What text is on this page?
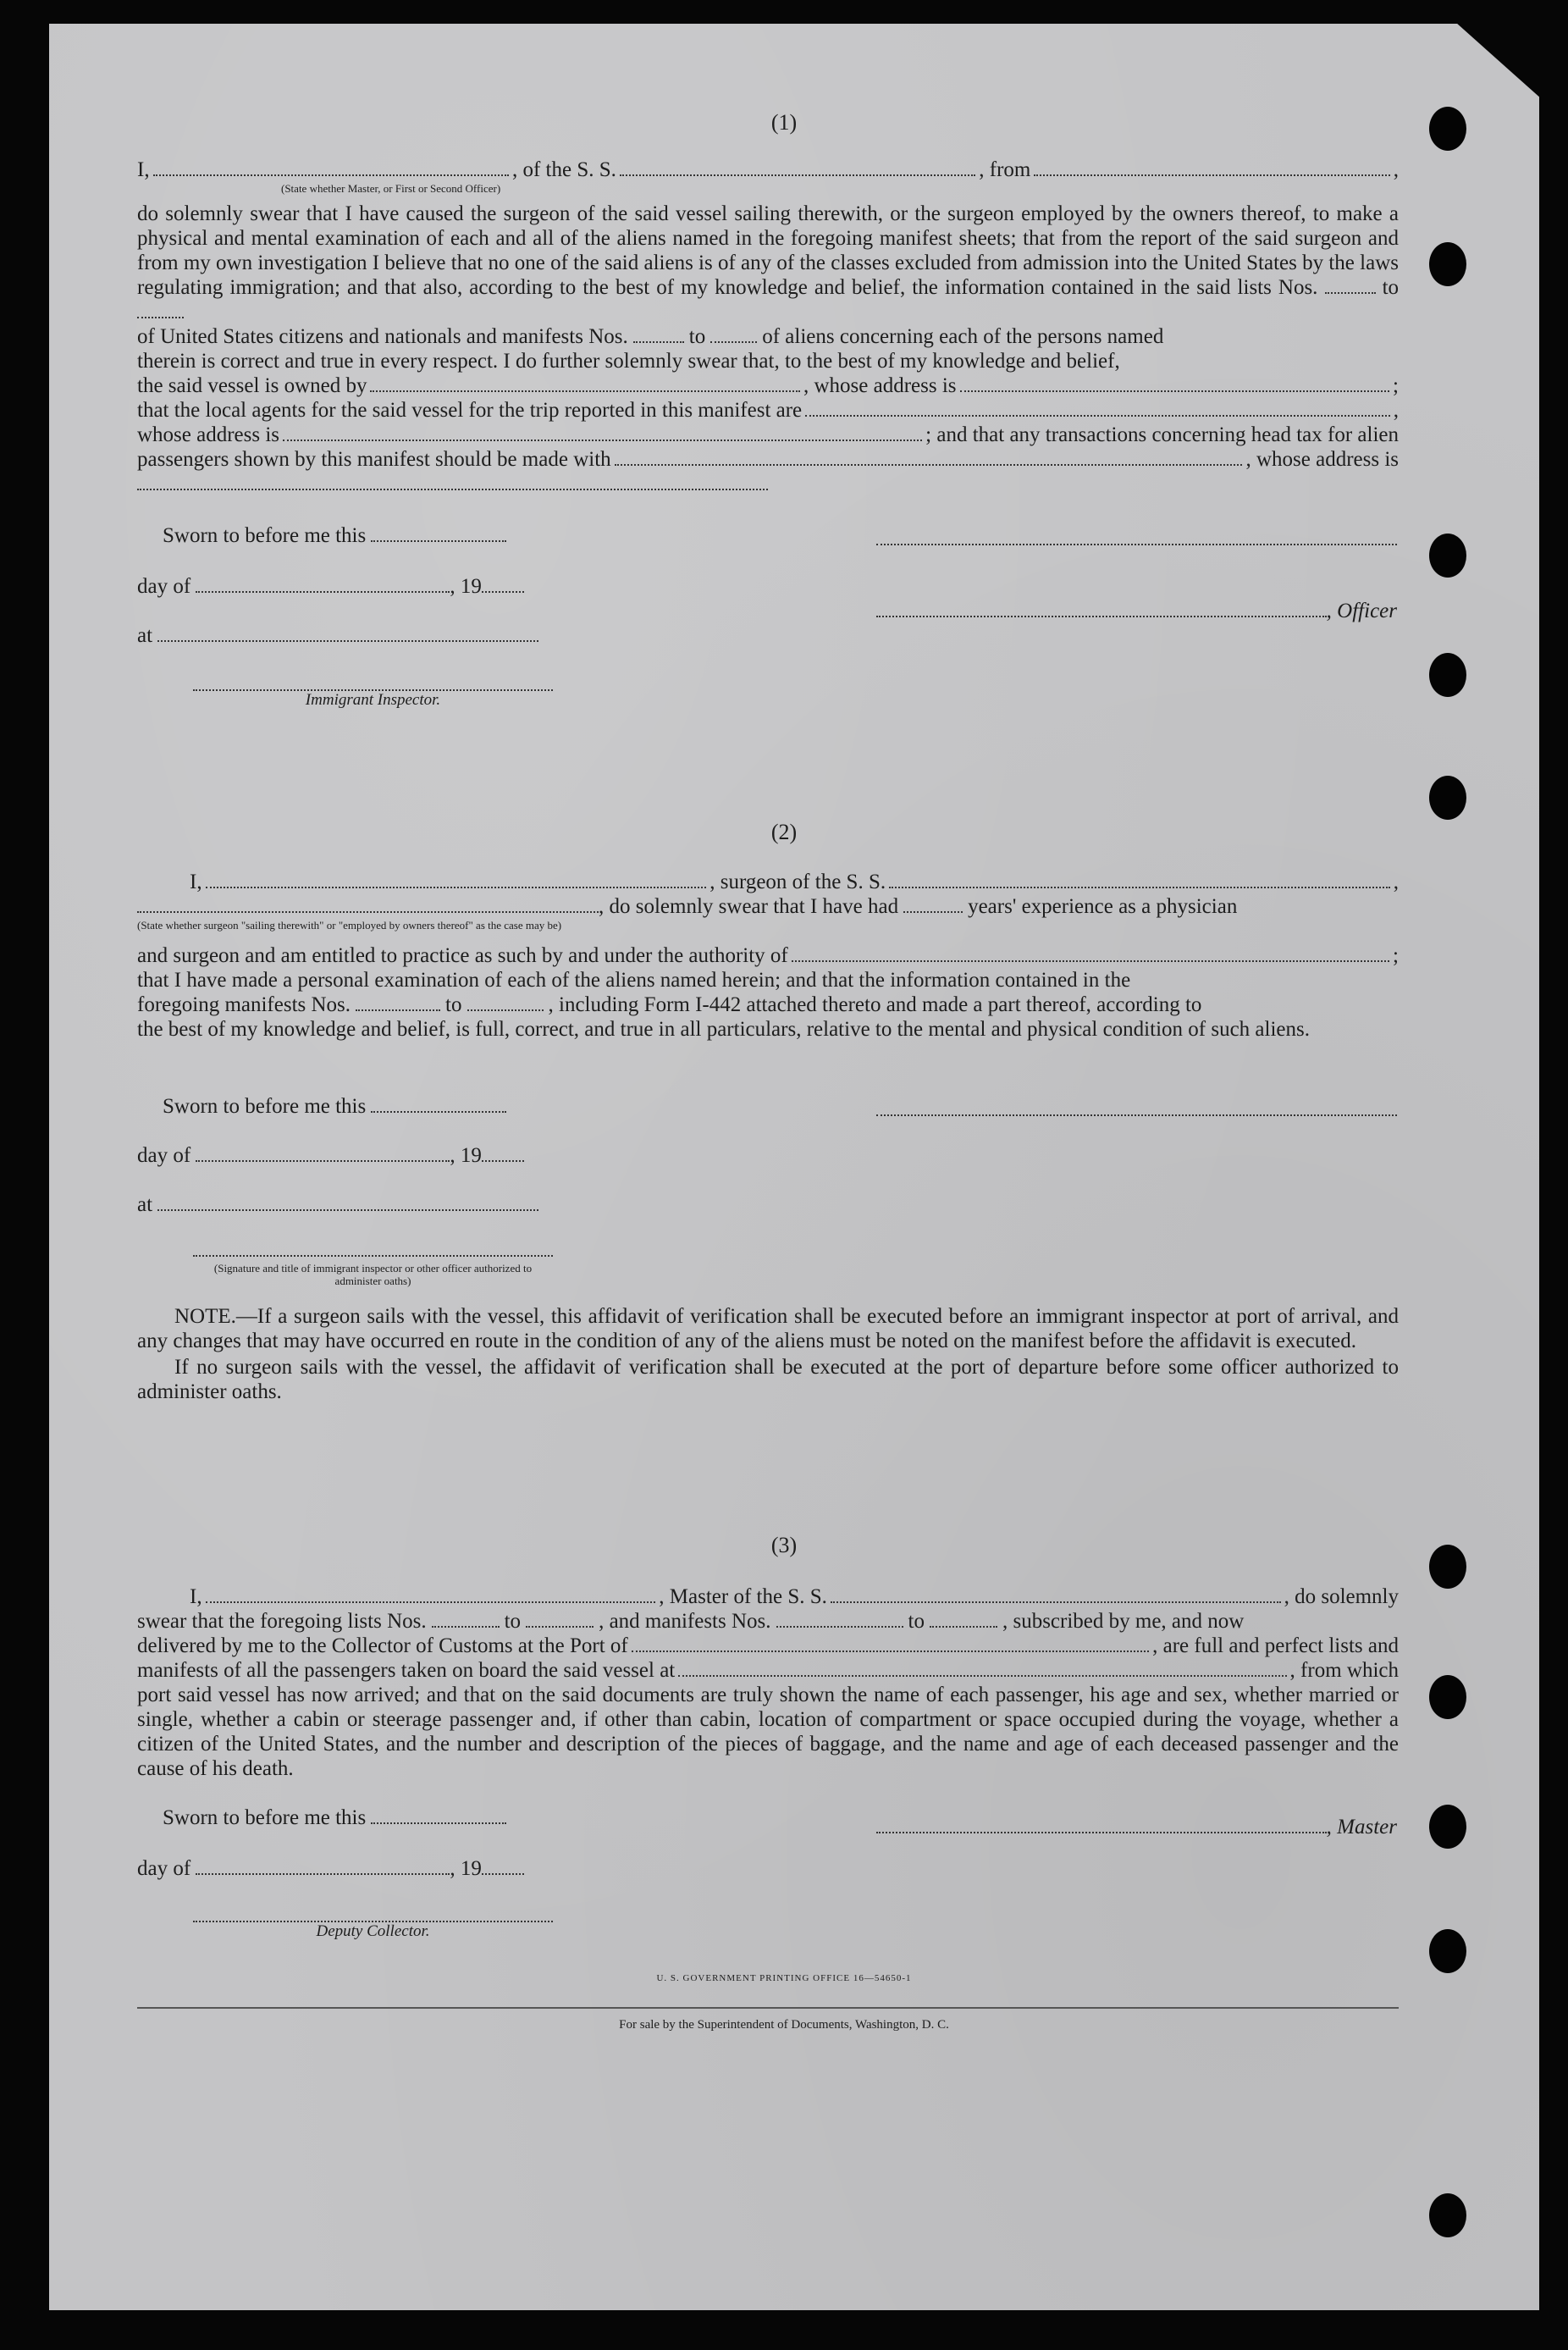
(1)
I,	, of the S. S.	, from	,
(State whether Master, or First or Second Officer)

do solemnly swear that I have caused the surgeon of the said vessel sailing therewith, or the surgeon employed by the owners thereof, to make a physical and mental examination of each and all of the aliens named in the foregoing manifest sheets; that from the report of the said surgeon and from my own investigation I believe that no one of the said aliens is of any of the classes excluded from admission into the United States by the laws regulating immigration; and that also, according to the best of my knowledge and belief, the information contained in the said lists Nos.	to

of United States citizens and nationals and manifests Nos.	to	of aliens concerning each of the persons named
therein is correct and true in every respect. I do further solemnly swear that, to the best of my knowledge and belief,
the said vessel is owned by	, whose address is	;
that the local agents for the said vessel for the trip reported in this manifest are	,
whose address is	; and that any transactions concerning head tax for alien
passengers shown by this manifest should be made with	, whose address is
Sworn to before me this
day of	, 19
at
Immigrant Inspector.
, Officer
(2)
I,	, surgeon of the S. S.	,
, do solemnly swear that I have had	years' experience as a physician
(State whether surgeon "sailing therewith" or "employed by owners thereof" as the case may be)
and surgeon and am entitled to practice as such by and under the authority of	;
that I have made a personal examination of each of the aliens named herein; and that the information contained in the
foregoing manifests Nos.	to	, including Form I-442 attached thereto and made a part thereof, according to

the best of my knowledge and belief, is full, correct, and true in all particulars, relative to the mental and physical condition of such aliens.

Sworn to before me this
day of	, 19
at
(Signature and title of immigrant inspector or other officer authorized to administer oaths)

NOTE.—If a surgeon sails with the vessel, this affidavit of verification shall be executed before an immigrant inspector at port of arrival, and any changes that may have occurred en route in the condition of any of the aliens must be noted on the manifest before the affidavit is executed.

If no surgeon sails with the vessel, the affidavit of verification shall be executed at the port of departure before some officer authorized to administer oaths.

(3)
I,	, Master of the S. S.	, do solemnly
swear that the foregoing lists Nos.	to	, and manifests Nos.	to	, subscribed by me, and now
delivered by me to the Collector of Customs at the Port of	, are full and perfect lists and
manifests of all the passengers taken on board the said vessel at	, from which

port said vessel has now arrived; and that on the said documents are truly shown the name of each passenger, his age and sex, whether married or single, whether a cabin or steerage passenger and, if other than cabin, location of compartment or space occupied during the voyage, whether a citizen of the United States, and the number and description of the pieces of baggage, and the name and age of each deceased passenger and the cause of his death.

Sworn to before me this
day of	, 19
Deputy Collector.
, Master
U. S. GOVERNMENT PRINTING OFFICE 16—54650-1
For sale by the Superintendent of Documents, Washington, D. C.
